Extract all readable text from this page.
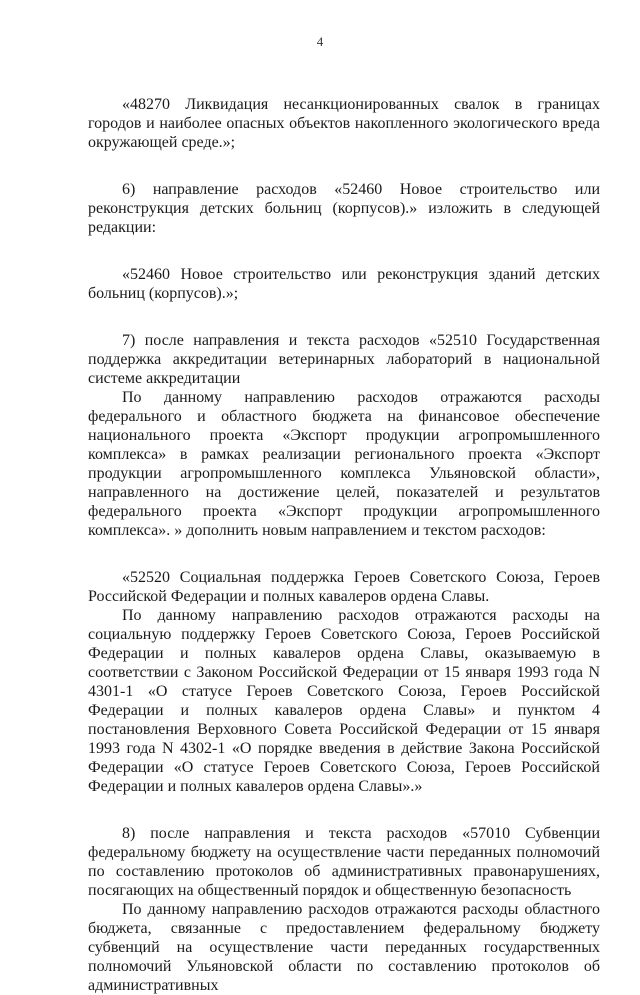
4

«48270 Ликвидация несанкционированных свалок в границах городов и наиболее опасных объектов накопленного экологического вреда окружающей среде.»;

6) направление расходов «52460 Новое строительство или реконструкция детских больниц (корпусов).» изложить в следующей редакции:

«52460 Новое строительство или реконструкция зданий детских больниц (корпусов).»;

7) после направления и текста расходов «52510 Государственная поддержка аккредитации ветеринарных лабораторий в национальной системе аккредитации

По данному направлению расходов отражаются расходы федерального и областного бюджета на финансовое обеспечение национального проекта «Экспорт продукции агропромышленного комплекса» в рамках реализации регионального проекта «Экспорт продукции агропромышленного комплекса Ульяновской области», направленного на достижение целей, показателей и результатов федерального проекта «Экспорт продукции агропромышленного комплекса». » дополнить новым направлением и текстом расходов:

«52520 Социальная поддержка Героев Советского Союза, Героев Российской Федерации и полных кавалеров ордена Славы.

По данному направлению расходов отражаются расходы на социальную поддержку Героев Советского Союза, Героев Российской Федерации и полных кавалеров ордена Славы, оказываемую в соответствии с Законом Российской Федерации от 15 января 1993 года N 4301-1 «О статусе Героев Советского Союза, Героев Российской Федерации и полных кавалеров ордена Славы» и пунктом 4 постановления Верховного Совета Российской Федерации от 15 января 1993 года N 4302-1 «О порядке введения в действие Закона Российской Федерации «О статусе Героев Советского Союза, Героев Российской Федерации и полных кавалеров ордена Славы».»

8) после направления и текста расходов «57010 Субвенции федеральному бюджету на осуществление части переданных полномочий по составлению протоколов об административных правонарушениях, посягающих на общественный порядок и общественную безопасность

По данному направлению расходов отражаются расходы областного бюджета, связанные с предоставлением федеральному бюджету субвенций на осуществление части переданных государственных полномочий Ульяновской области по составлению протоколов об административных
